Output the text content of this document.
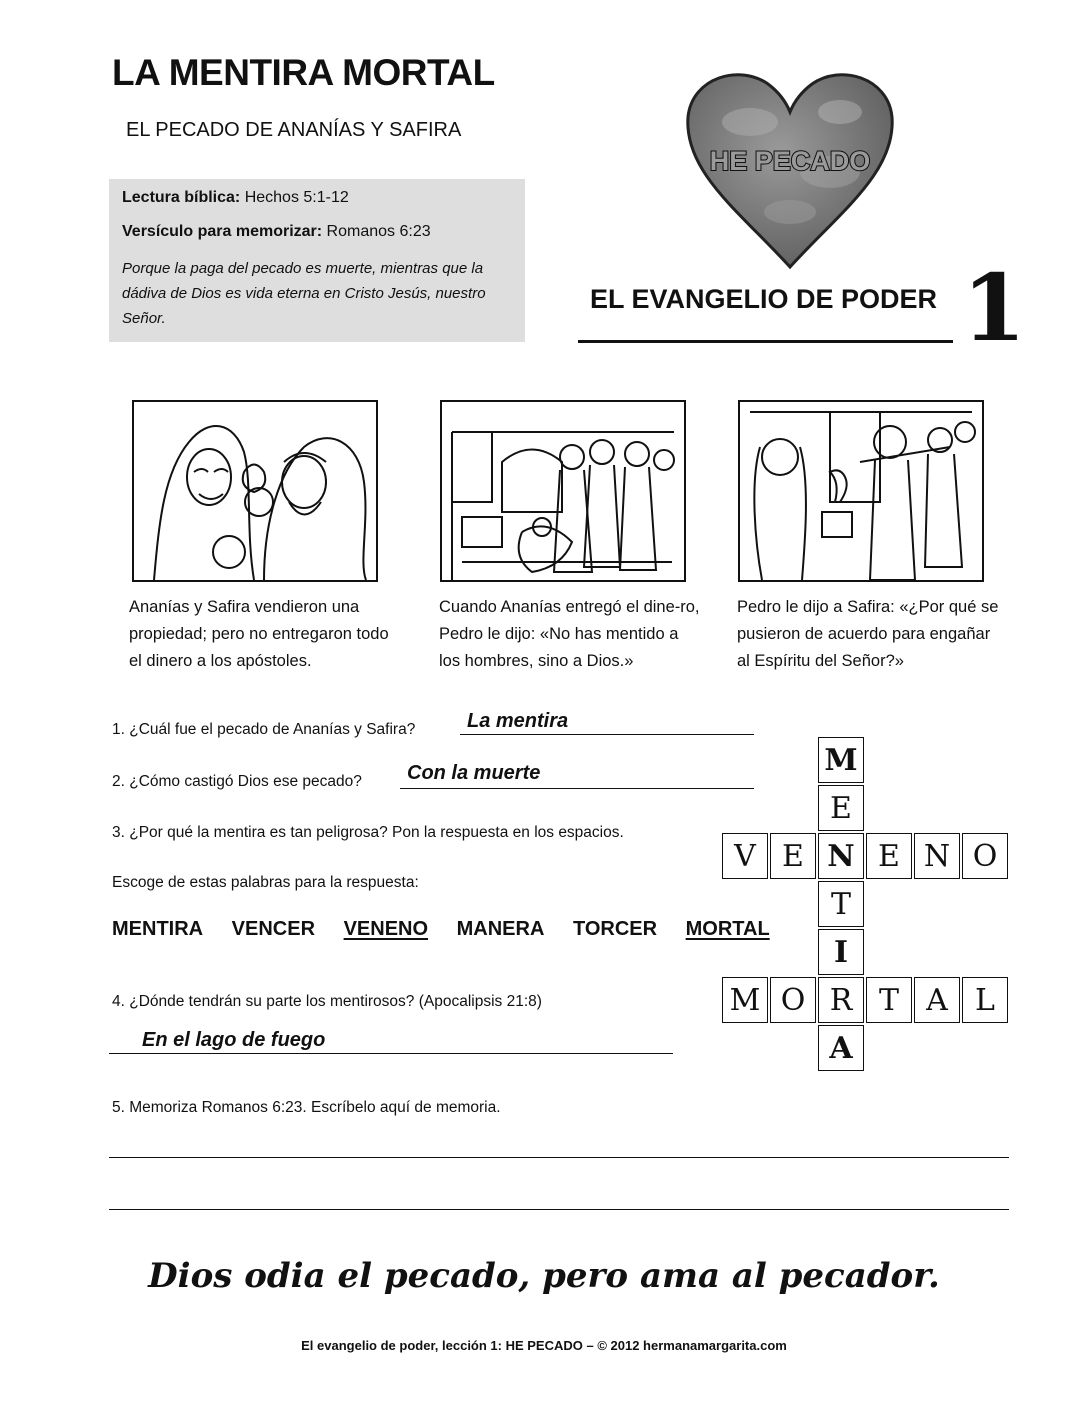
LA MENTIRA MORTAL
EL PECADO DE ANANÍAS Y SAFIRA
Lectura bíblica: Hechos 5:1-12
Versículo para memorizar: Romanos 6:23
Porque la paga del pecado es muerte, mientras que la dádiva de Dios es vida eterna en Cristo Jesús, nuestro Señor.
HE PECADO
EL EVANGELIO DE PODER 1
Ananías y Safira vendieron una propiedad; pero no entregaron todo el dinero a los apóstoles.
Cuando Ananías entregó el dine-ro, Pedro le dijo: «No has mentido a los hombres, sino a Dios.»
Pedro le dijo a Safira: «¿Por qué se pusieron de acuerdo para engañar al Espíritu del Señor?»
1. ¿Cuál fue el pecado de Ananías y Safira?	La mentira
2. ¿Cómo castigó Dios ese pecado? Con la muerte
3. ¿Por qué la mentira es tan peligrosa? Pon la respuesta en los espacios.
Escoge de estas palabras para la respuesta:
MENTIRA VENCER VENENO MANERA TORCER MORTAL
4. ¿Dónde tendrán su parte los mentirosos? (Apocalipsis 21:8)
En el lago de fuego
5. Memoriza Romanos 6:23. Escríbelo aquí de memoria.
M
E
T
I
A
V E N E N O
M O R T A L
Dios odia el pecado, pero ama al pecador.
El evangelio de poder, lección 1: HE PECADO – © 2012 hermanamargarita.com
